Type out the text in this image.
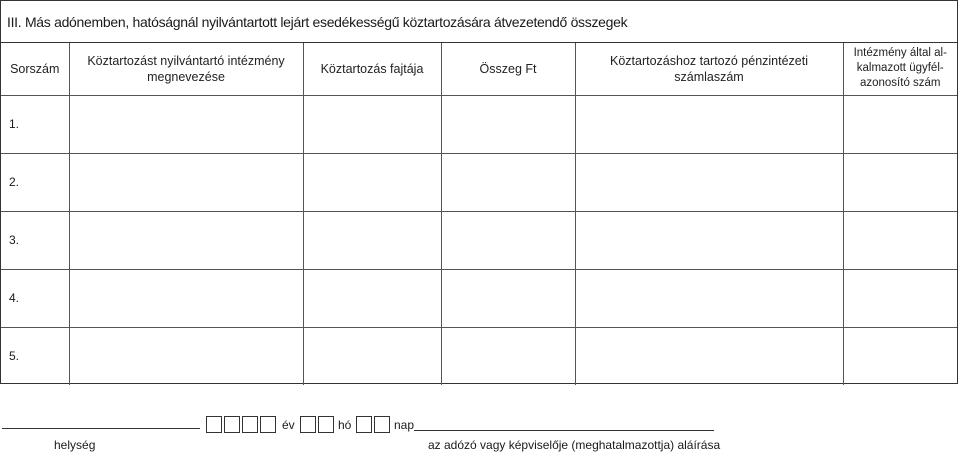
III. Más adónemben, hatóságnál nyilvántartott lejárt esedékességű köztartozására átvezetendő összegek
Sorszám	Köztartozást nyilvántartó intézmény megnevezése	Köztartozás fajtája	Összeg Ft	Köztartozáshoz tartozó pénzintézeti számlaszám	Intézmény által al-kalmazott ügyfél-azonosító szám
1.					
2.					
3.					
4.					
5.					
helység
év	hó	nap
az adózó vagy képviselője (meghatalmazottja) aláírása
